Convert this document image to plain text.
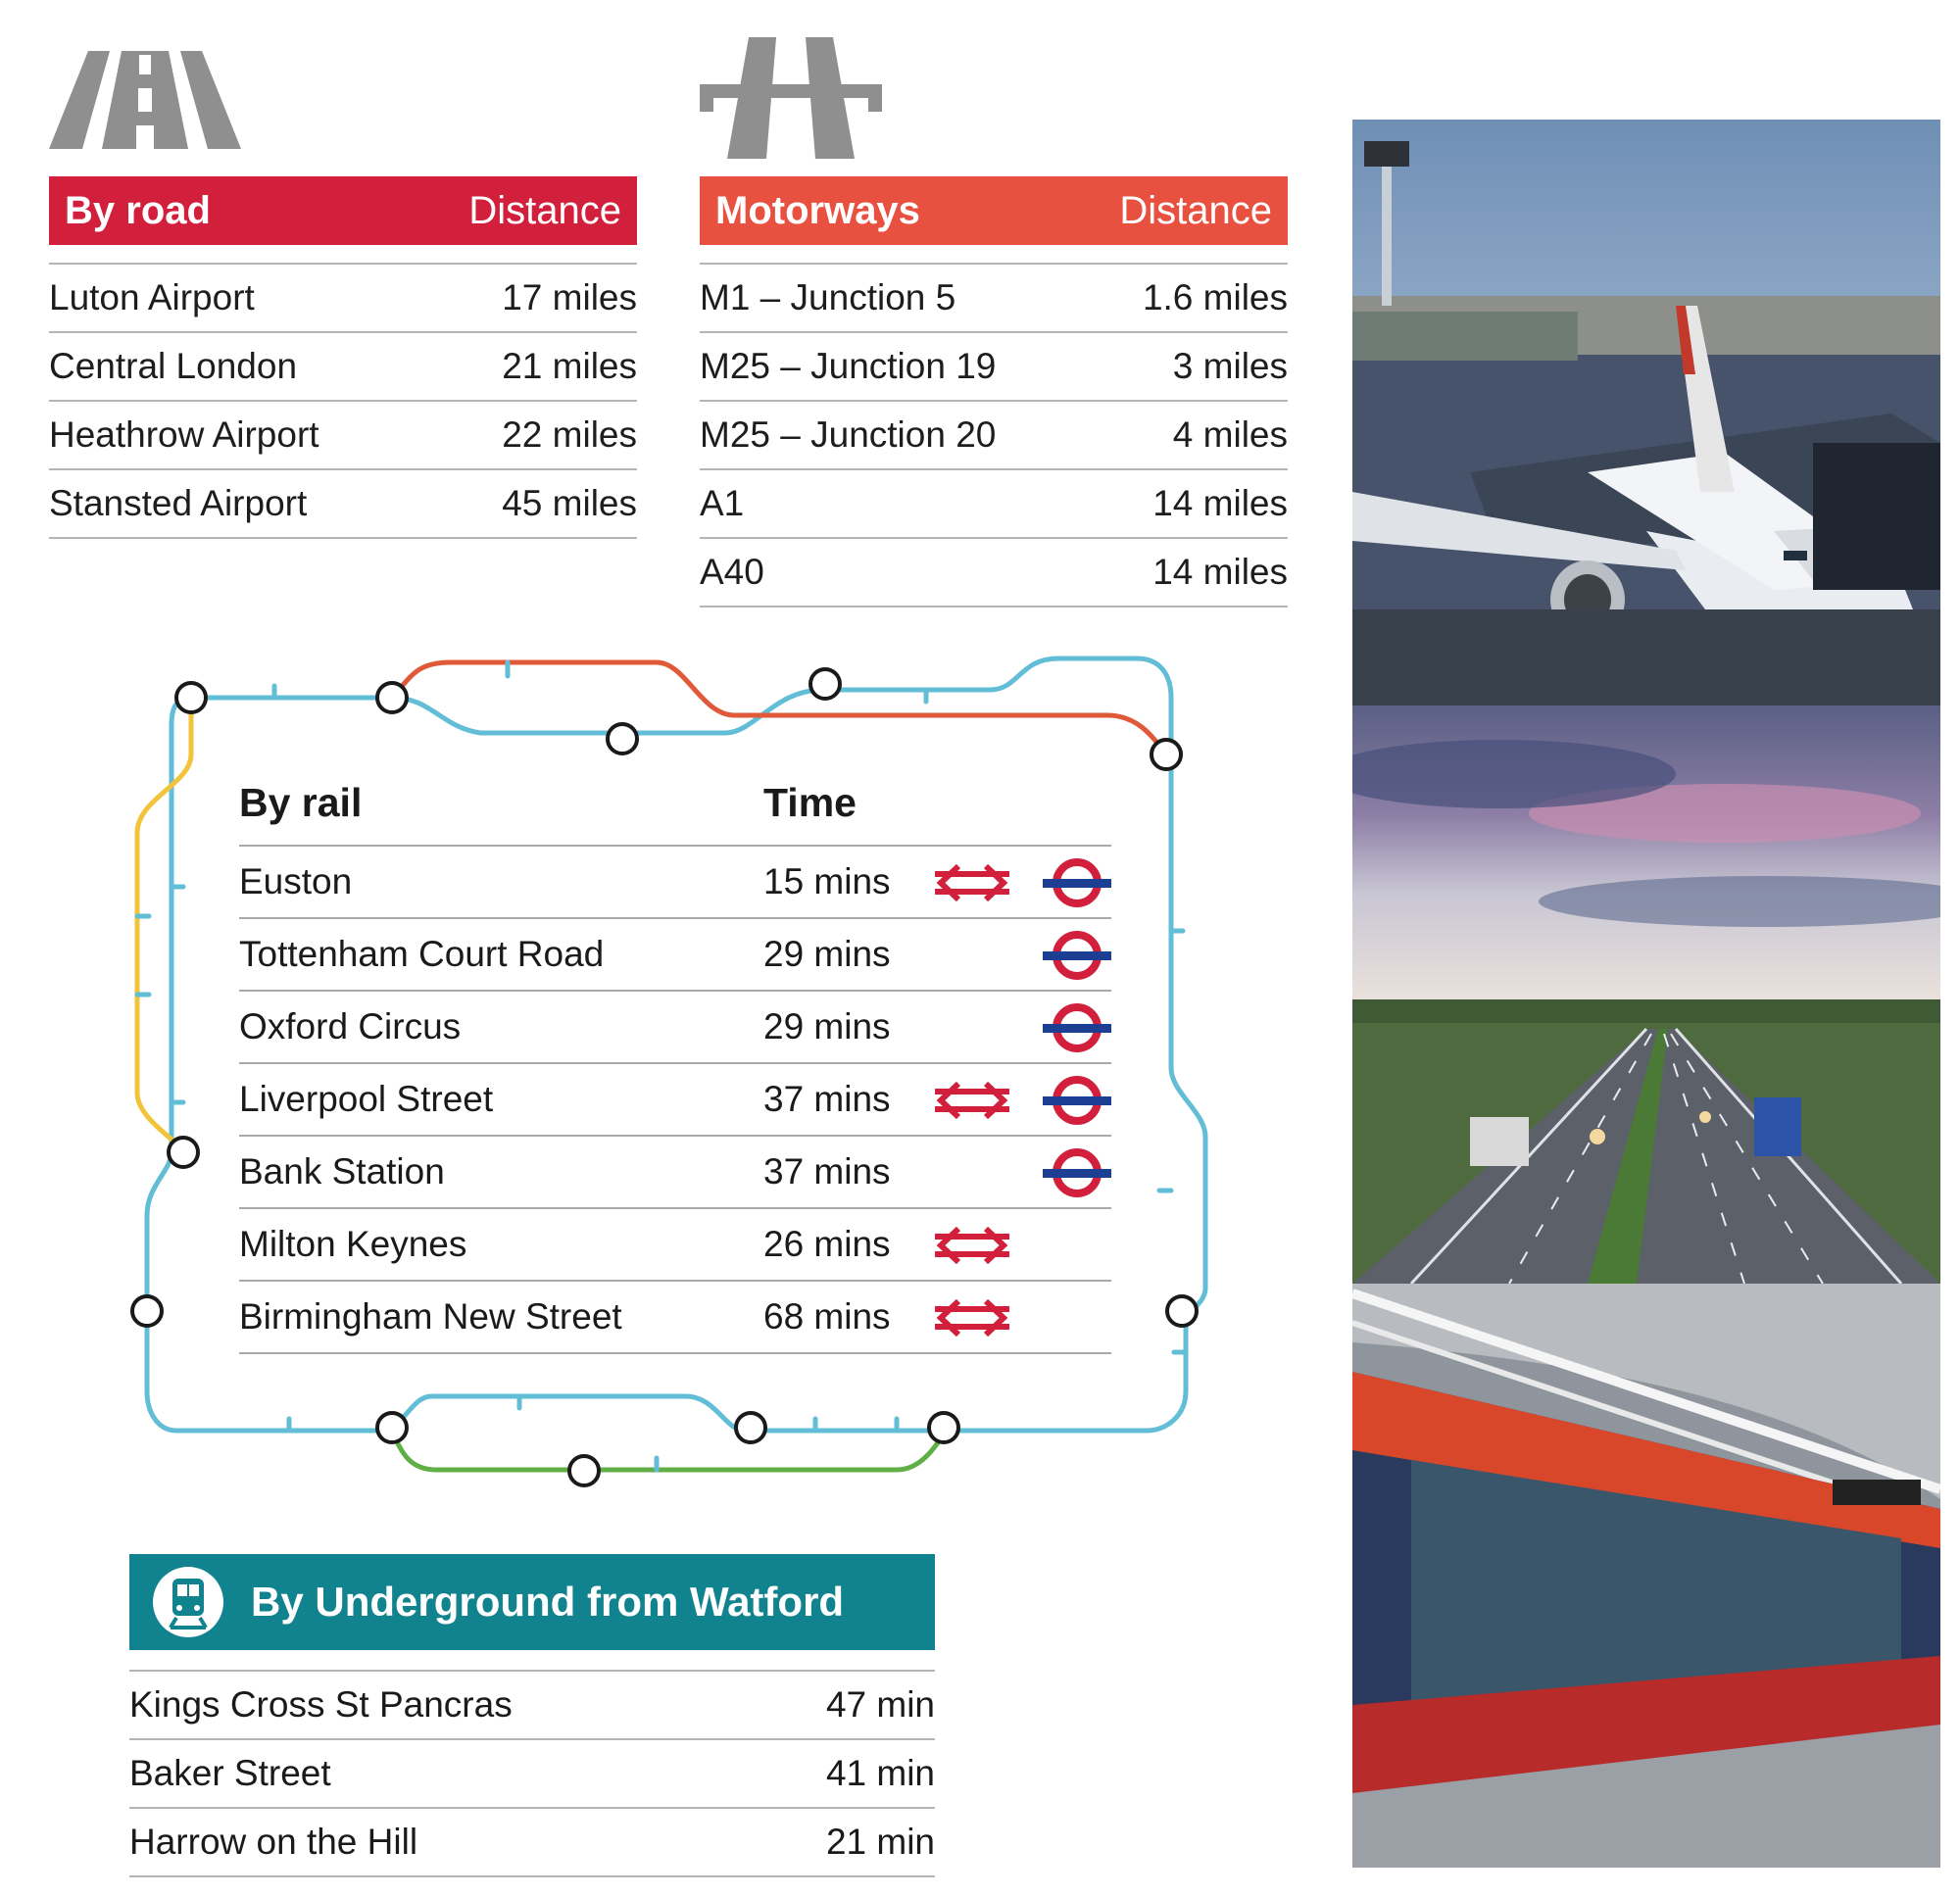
By road	Distance
Luton Airport	17 miles
Central London	21 miles
Heathrow Airport	22 miles
Stansted Airport	45 miles
Motorways	Distance
M1 – Junction 5	1.6 miles
M25 – Junction 19	3 miles
M25 – Junction 20	4 miles
A1	14 miles
A40	14 miles
By rail	Time
Euston	15 mins
Tottenham Court Road	29 mins
Oxford Circus	29 mins
Liverpool Street	37 mins
Bank Station	37 mins
Milton Keynes	26 mins
Birmingham New Street	68 mins
By Underground from Watford
Kings Cross St Pancras	47 min
Baker Street	41 min
Harrow on the Hill	21 min
